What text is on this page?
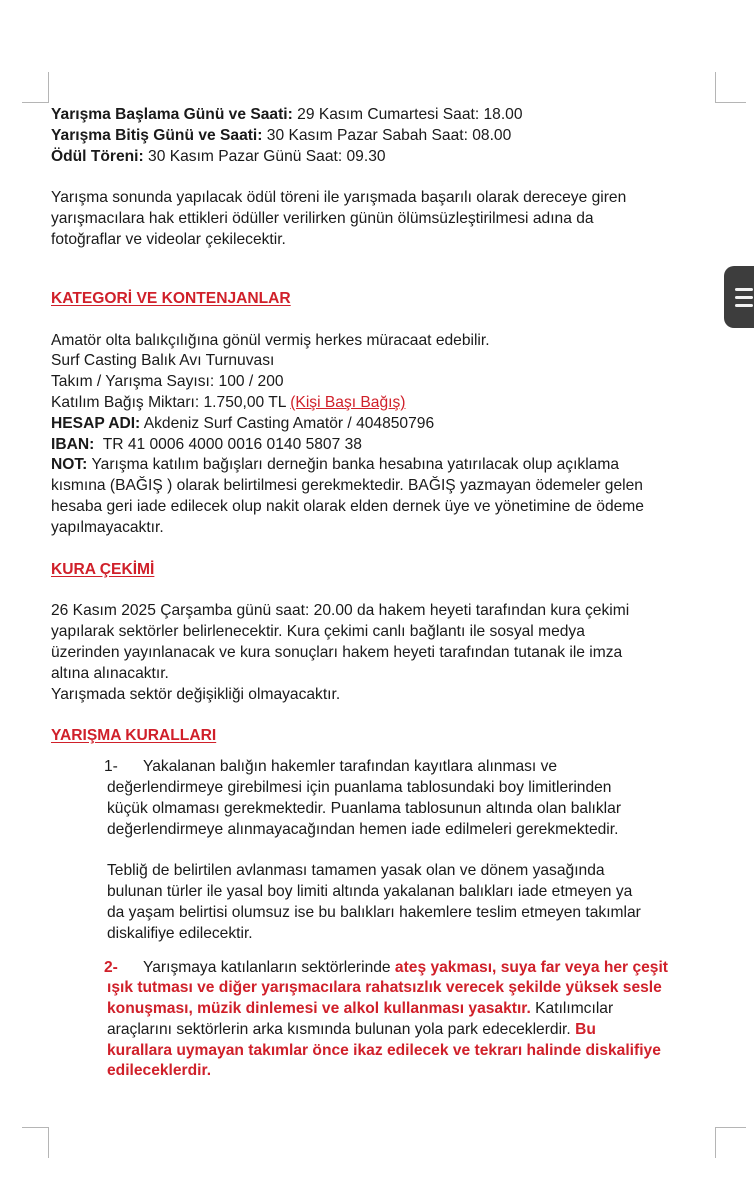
Yarışma Başlama Günü ve Saati: 29 Kasım Cumartesi Saat: 18.00

Yarışma Bitiş Günü ve Saati: 30 Kasım Pazar Sabah Saat: 08.00

Ödül Töreni: 30 Kasım Pazar Günü Saat: 09.30

Yarışma sonunda yapılacak ödül töreni ile yarışmada başarılı olarak dereceye giren

yarışmacılara hak ettikleri ödüller verilirken günün ölümsüzleştirilmesi adına da

fotoğraflar ve videolar çekilecektir.

KATEGORİ VE KONTENJANLAR

Amatör olta balıkçılığına gönül vermiş herkes müracaat edebilir.

Surf Casting Balık Avı Turnuvası

Takım / Yarışma Sayısı: 100 / 200

Katılım Bağış Miktarı: 1.750,00 TL (Kişi Başı Bağış)

HESAP ADI: Akdeniz Surf Casting Amatör / 404850796

IBAN:  TR 41 0006 4000 0016 0140 5807 38

NOT: Yarışma katılım bağışları derneğin banka hesabına yatırılacak olup açıklama

kısmına (BAĞIŞ ) olarak belirtilmesi gerekmektedir. BAĞIŞ yazmayan ödemeler gelen

hesaba geri iade edilecek olup nakit olarak elden dernek üye ve yönetimine de ödeme

yapılmayacaktır.

KURA ÇEKİMİ

26 Kasım 2025 Çarşamba günü saat: 20.00 da hakem heyeti tarafından kura çekimi

yapılarak sektörler belirlenecektir. Kura çekimi canlı bağlantı ile sosyal medya

üzerinden yayınlanacak ve kura sonuçları hakem heyeti tarafından tutanak ile imza

altına alınacaktır.

Yarışmada sektör değişikliği olmayacaktır.

YARIŞMA KURALLARI

1-	Yakalanan balığın hakemler tarafından kayıtlara alınması ve

değerlendirmeye girebilmesi için puanlama tablosundaki boy limitlerinden

küçük olmaması gerekmektedir. Puanlama tablosunun altında olan balıklar

değerlendirmeye alınmayacağından hemen iade edilmeleri gerekmektedir.

Tebliğ de belirtilen avlanması tamamen yasak olan ve dönem yasağında

bulunan türler ile yasal boy limiti altında yakalanan balıkları iade etmeyen ya

da yaşam belirtisi olumsuz ise bu balıkları hakemlere teslim etmeyen takımlar

diskalifiye edilecektir.

2-	Yarışmaya katılanların sektörlerinde ateş yakması, suya far veya her çeşit

ışık tutması ve diğer yarışmacılara rahatsızlık verecek şekilde yüksek sesle

konuşması, müzik dinlemesi ve alkol kullanması yasaktır. Katılımcılar

araçlarını sektörlerin arka kısmında bulunan yola park edeceklerdir. Bu

kurallara uymayan takımlar önce ikaz edilecek ve tekrarı halinde diskalifiye

edileceklerdir.
